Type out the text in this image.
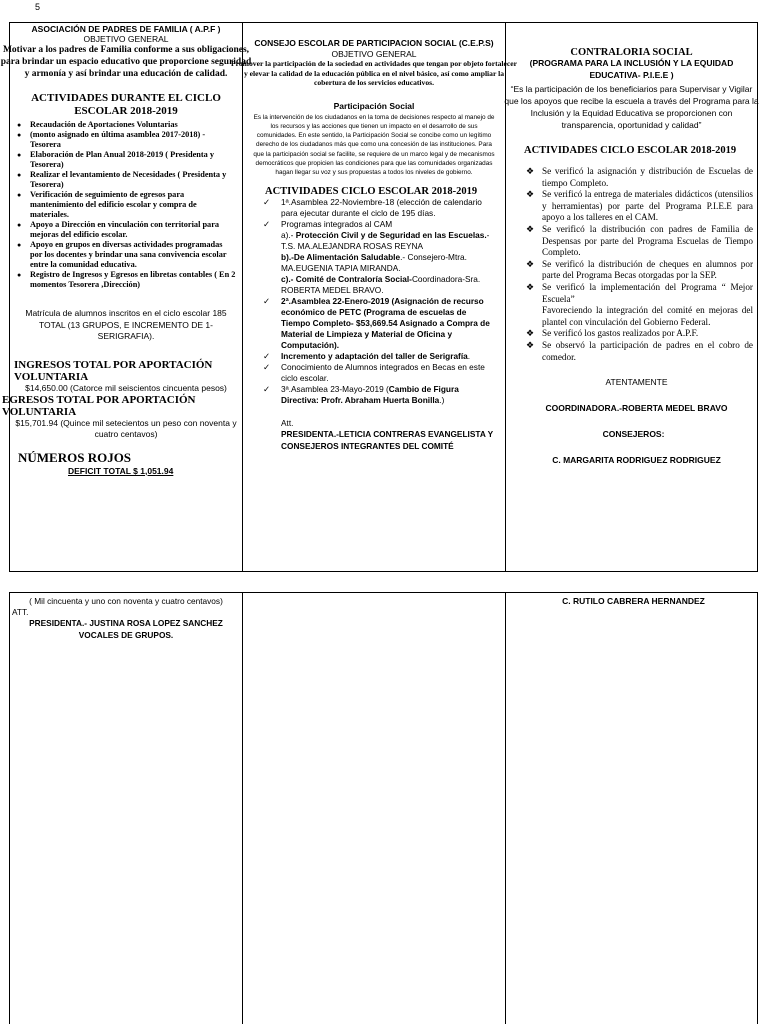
5

ASOCIACIÓN DE PADRES DE FAMILIA ( A.P.F )

OBJETIVO GENERAL

Motivar a los padres de Familia conforme a sus obligaciones, para brindar un espacio educativo que proporcione seguridad y armonía y así brindar una educación de calidad.

ACTIVIDADES DURANTE EL CICLO ESCOLAR 2018-2019

● Recaudación de Aportaciones Voluntarias
● (monto asignado en última asamblea 2017-2018) - Tesorera
● Elaboración de Plan Anual 2018-2019 ( Presidenta y Tesorera)
● Realizar el levantamiento de Necesidades ( Presidenta y Tesorera)
● Verificación de seguimiento de egresos para mantenimiento del edificio escolar y compra de materiales.
● Apoyo a Dirección en vinculación con territorial para mejoras del edificio escolar.
● Apoyo en grupos en diversas actividades programadas por los docentes y brindar una sana convivencia escolar entre la comunidad educativa.
● Registro de Ingresos y Egresos en libretas contables ( En 2 momentos Tesorera ,Dirección)

Matrícula de alumnos inscritos en el ciclo escolar 185 TOTAL (13 GRUPOS, E INCREMENTO DE 1- SERIGRAFIA).

INGRESOS TOTAL POR APORTACIÓN VOLUNTARIA

$14,650.00 (Catorce mil seiscientos cincuenta pesos)

EGRESOS TOTAL POR APORTACIÓN VOLUNTARIA

$15,701.94 (Quince mil setecientos un peso con noventa y cuatro centavos)

NÚMEROS ROJOS

DEFICIT TOTAL $ 1,051.94

CONSEJO ESCOLAR DE PARTICIPACION SOCIAL (C.E.P.S)

OBJETIVO GENERAL

Promover la participación de la sociedad en actividades que tengan por objeto fortalecer y elevar la calidad de la educación pública en el nivel básico, así como ampliar la cobertura de los servicios educativos.

Participación Social

Es la intervención de los ciudadanos en la toma de decisiones respecto al manejo de los recursos y las acciones que tienen un impacto en el desarrollo de sus comunidades. En este sentido, la Participación Social se concibe como un legítimo derecho de los ciudadanos más que como una concesión de las instituciones. Para que la participación social se facilite, se requiere de un marco legal y de mecanismos democráticos que propicien las condiciones para que las comunidades organizadas hagan llegar su voz y sus propuestas a todos los niveles de gobierno.

ACTIVIDADES CICLO ESCOLAR 2018-2019

✓ 1ª.Asamblea 22-Noviembre-18 (elección de calendario para ejecutar durante el ciclo de 195 días.
✓ Programas integrados al CAM
a).- Protección Civil y de Seguridad en las Escuelas.- T.S. MA.ALEJANDRA ROSAS REYNA
b).-De Alimentación Saludable.- Consejero-Mtra. MA.EUGENIA TAPIA MIRANDA.
c).- Comité de Contraloría Social-Coordinadora-Sra. ROBERTA MEDEL BRAVO.
✓ 2ª.Asamblea 22-Enero-2019 (Asignación de recurso económico de PETC (Programa de escuelas de Tiempo Completo- $53,669.54 Asignado a Compra de Material de Limpieza y Material de Oficina y Computación).
✓ Incremento y adaptación del taller de Serigrafía.
✓ Conocimiento de Alumnos integrados en Becas en este ciclo escolar.
✓ 3ª.Asamblea 23-Mayo-2019 (Cambio de Figura Directiva: Profr. Abraham Huerta Bonilla.)

Att.

PRESIDENTA.-LETICIA CONTRERAS EVANGELISTA Y CONSEJEROS INTEGRANTES DEL COMITÉ

CONTRALORIA SOCIAL

(PROGRAMA PARA LA INCLUSIÓN Y LA EQUIDAD EDUCATIVA- P.I.E.E )

“Es la participación de los beneficiarios para Supervisar y Vigilar que los apoyos que recibe la escuela a través del Programa para la Inclusión y la Equidad Educativa se proporcionen con transparencia, oportunidad y calidad”

ACTIVIDADES CICLO ESCOLAR 2018-2019

❖ Se verificó la asignación y distribución de Escuelas de tiempo Completo.
❖ Se verificó la entrega de materiales didácticos (utensilios y herramientas) por parte del Programa P.I.E.E para apoyo a los talleres en el CAM.
❖ Se verificó la distribución con padres de Familia de Despensas por parte del Programa Escuelas de Tiempo Completo.
❖ Se verificó la distribución de cheques en alumnos por parte del Programa Becas otorgadas por la SEP.
❖ Se verificó la implementación del Programa “ Mejor Escuela”
Favoreciendo la integración del comité en mejoras del plantel con vinculación del Gobierno Federal.
❖ Se verificó los gastos realizados por A.P.F.
❖ Se observó la participación de padres en el cobro de comedor.

ATENTAMENTE

COORDINADORA.-ROBERTA MEDEL BRAVO

CONSEJEROS:

C. MARGARITA RODRIGUEZ RODRIGUEZ

( Mil cincuenta y uno con noventa y cuatro centavos)

ATT.

PRESIDENTA.- JUSTINA ROSA LOPEZ SANCHEZ VOCALES DE GRUPOS.

C. RUTILO CABRERA HERNANDEZ
